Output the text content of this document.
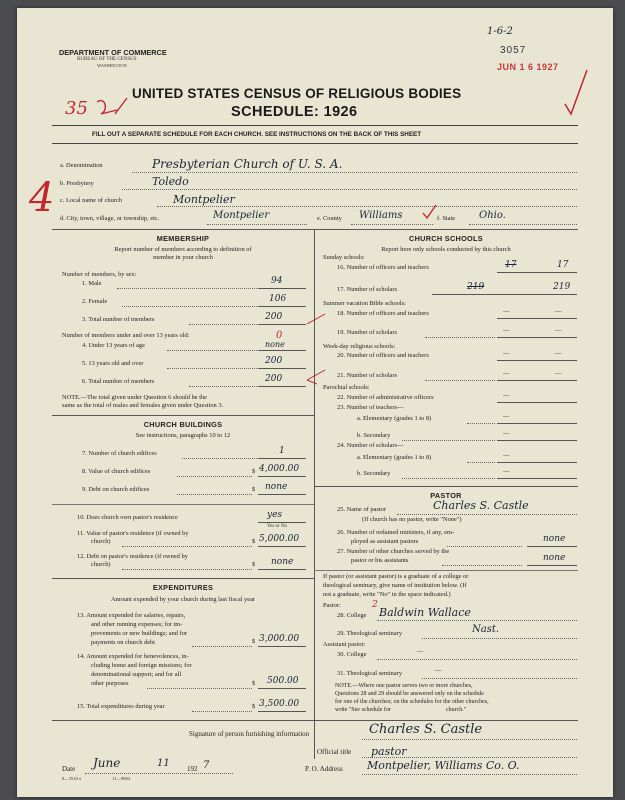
DEPARTMENT OF COMMERCE
BUREAU OF THE CENSUS
WASHINGTON
1-6-2
3057
JUN 1 6 1927
UNITED STATES CENSUS OF RELIGIOUS BODIES
SCHEDULE: 1926
35
FILL OUT A SEPARATE SCHEDULE FOR EACH CHURCH. SEE INSTRUCTIONS ON THE BACK OF THIS SHEET
4
a. Denomination	Presbyterian Church of U. S. A.
b. Presbytery	Toledo
c. Local name of church	Montpelier
d. City, town, village, or township, etc.	Montpelier	e. County Williams	f. State Ohio.
MEMBERSHIP
Report number of members according to definition of
member in your church
Number of members, by sex:
1. Male	94
2. Female	106
3. Total number of members	200
Number of members under and over 13 years old:
4. Under 13 years of age	none
0
5. 13 years old and over	200
6. Total number of members	200
NOTE.—The total given under Question 6 should be the
same as the total of males and females given under Question 3.
CHURCH BUILDINGS
See instructions, paragraphs 10 to 12
7. Number of church edifices	1
8. Value of church edifices	$ 4,000.00
9. Debt on church edifices	$ none
10. Does church own pastor's residence	yes
Yes or No
11. Value of pastor's residence (if owned by
church)	$ 5,000.00
12. Debt on pastor's residence (if owned by
church)	$ none
EXPENDITURES
Amount expended by your church during last fiscal year
13. Amount expended for salaries, repairs,
and other running expenses; for im-
provements or new buildings; and for
payments on church debt	$ 3,000.00
14. Amount expended for benevolences, in-
cluding home and foreign missions; for
denominational support; and for all
other purposes	$ 500.00
15. Total expenditures during year	$ 3,500.00
CHURCH SCHOOLS
Report here only schools conducted by this church
Sunday schools:
16. Number of officers and teachers	17	17
17. Number of scholars	219	219
Summer vacation Bible schools:
18. Number of officers and teachers	—	—
19. Number of scholars	—	—
Week-day religious schools:
20. Number of officers and teachers	—	—
21. Number of scholars	—	—
Parochial schools:
22. Number of administrative officers	—
23. Number of teachers—
a. Elementary (grades 1 to 8)	—
b. Secondary	—
24. Number of scholars—
a. Elementary (grades 1 to 8)	—
b. Secondary	—
PASTOR
25. Name of pastor	Charles S. Castle
(If church has no pastor, write "None")
26. Number of ordained ministers, if any, em-
ployed as assistant pastors	none
27. Number of other churches served by the
pastor or his assistants	none
If pastor (or assistant pastor) is a graduate of a college or
theological seminary, give name of institution below. (If
not a graduate, write "No" in the space indicated.)
Pastor:
28. College
2
Baldwin Wallace
29. Theological seminary	Nast.
Assistant pastor:
30. College	—
31. Theological seminary	—
NOTE.—Where one pastor serves two or more churches,
Questions 28 and 29 should be answered only on the schedule
for one of the churches; on the schedules for the other churches,
write "See schedule for	church."
Signature of person furnishing information	Charles S. Castle
Official title pastor
Date June	11 192 7	P. O. Address Montpelier, Williams Co. O.
8—3518 a	11—9084
